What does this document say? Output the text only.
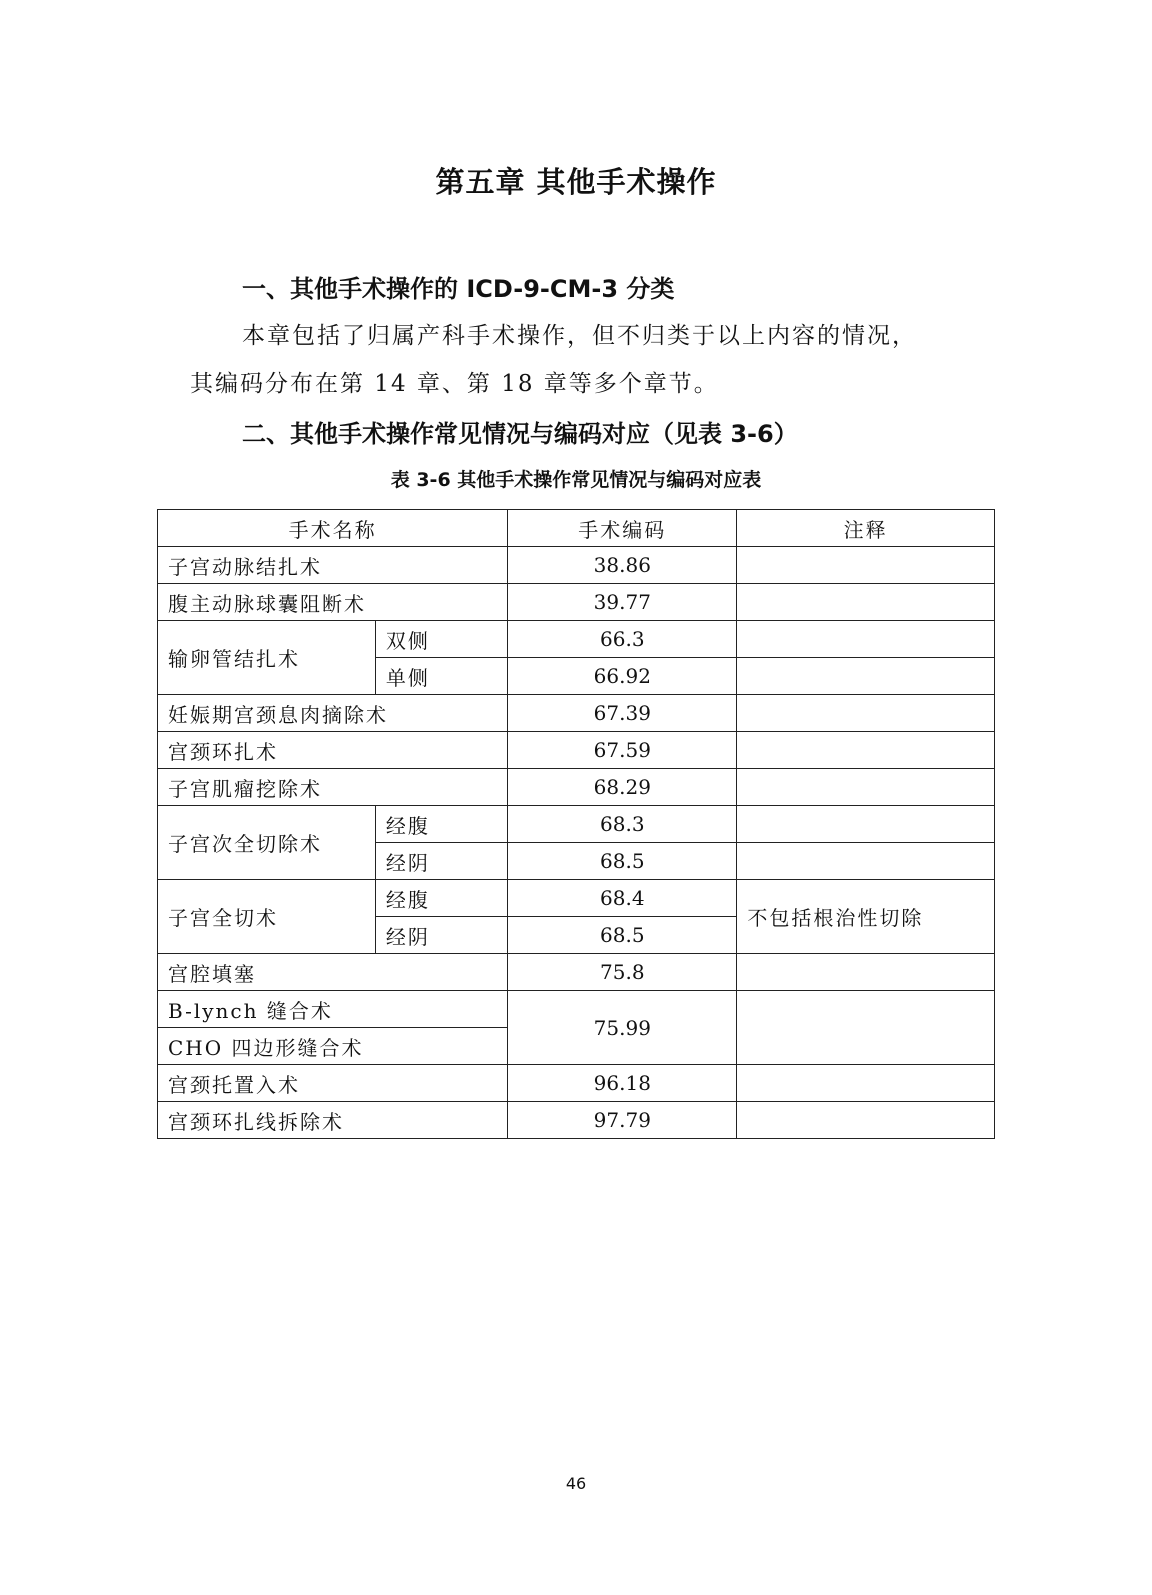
第五章 其他手术操作
一、其他手术操作的 ICD-9-CM-3 分类
本章包括了归属产科手术操作，但不归类于以上内容的情况，
其编码分布在第 14 章、第 18 章等多个章节。
二、其他手术操作常见情况与编码对应（见表 3-6）
表 3-6 其他手术操作常见情况与编码对应表
手术名称		手术编码	注释
子宫动脉结扎术		38.86	
腹主动脉球囊阻断术		39.77	
输卵管结扎术	双侧	66.3	
	单侧	66.92	
妊娠期宫颈息肉摘除术		67.39	
宫颈环扎术		67.59	
子宫肌瘤挖除术		68.29	
子宫次全切除术	经腹	68.3	
	经阴	68.5	
子宫全切术	经腹	68.4	不包括根治性切除
	经阴	68.5	
宫腔填塞		75.8	
B-lynch 缝合术		75.99	
CHO 四边形缝合术			
宫颈托置入术		96.18	
宫颈环扎线拆除术		97.79	
46
